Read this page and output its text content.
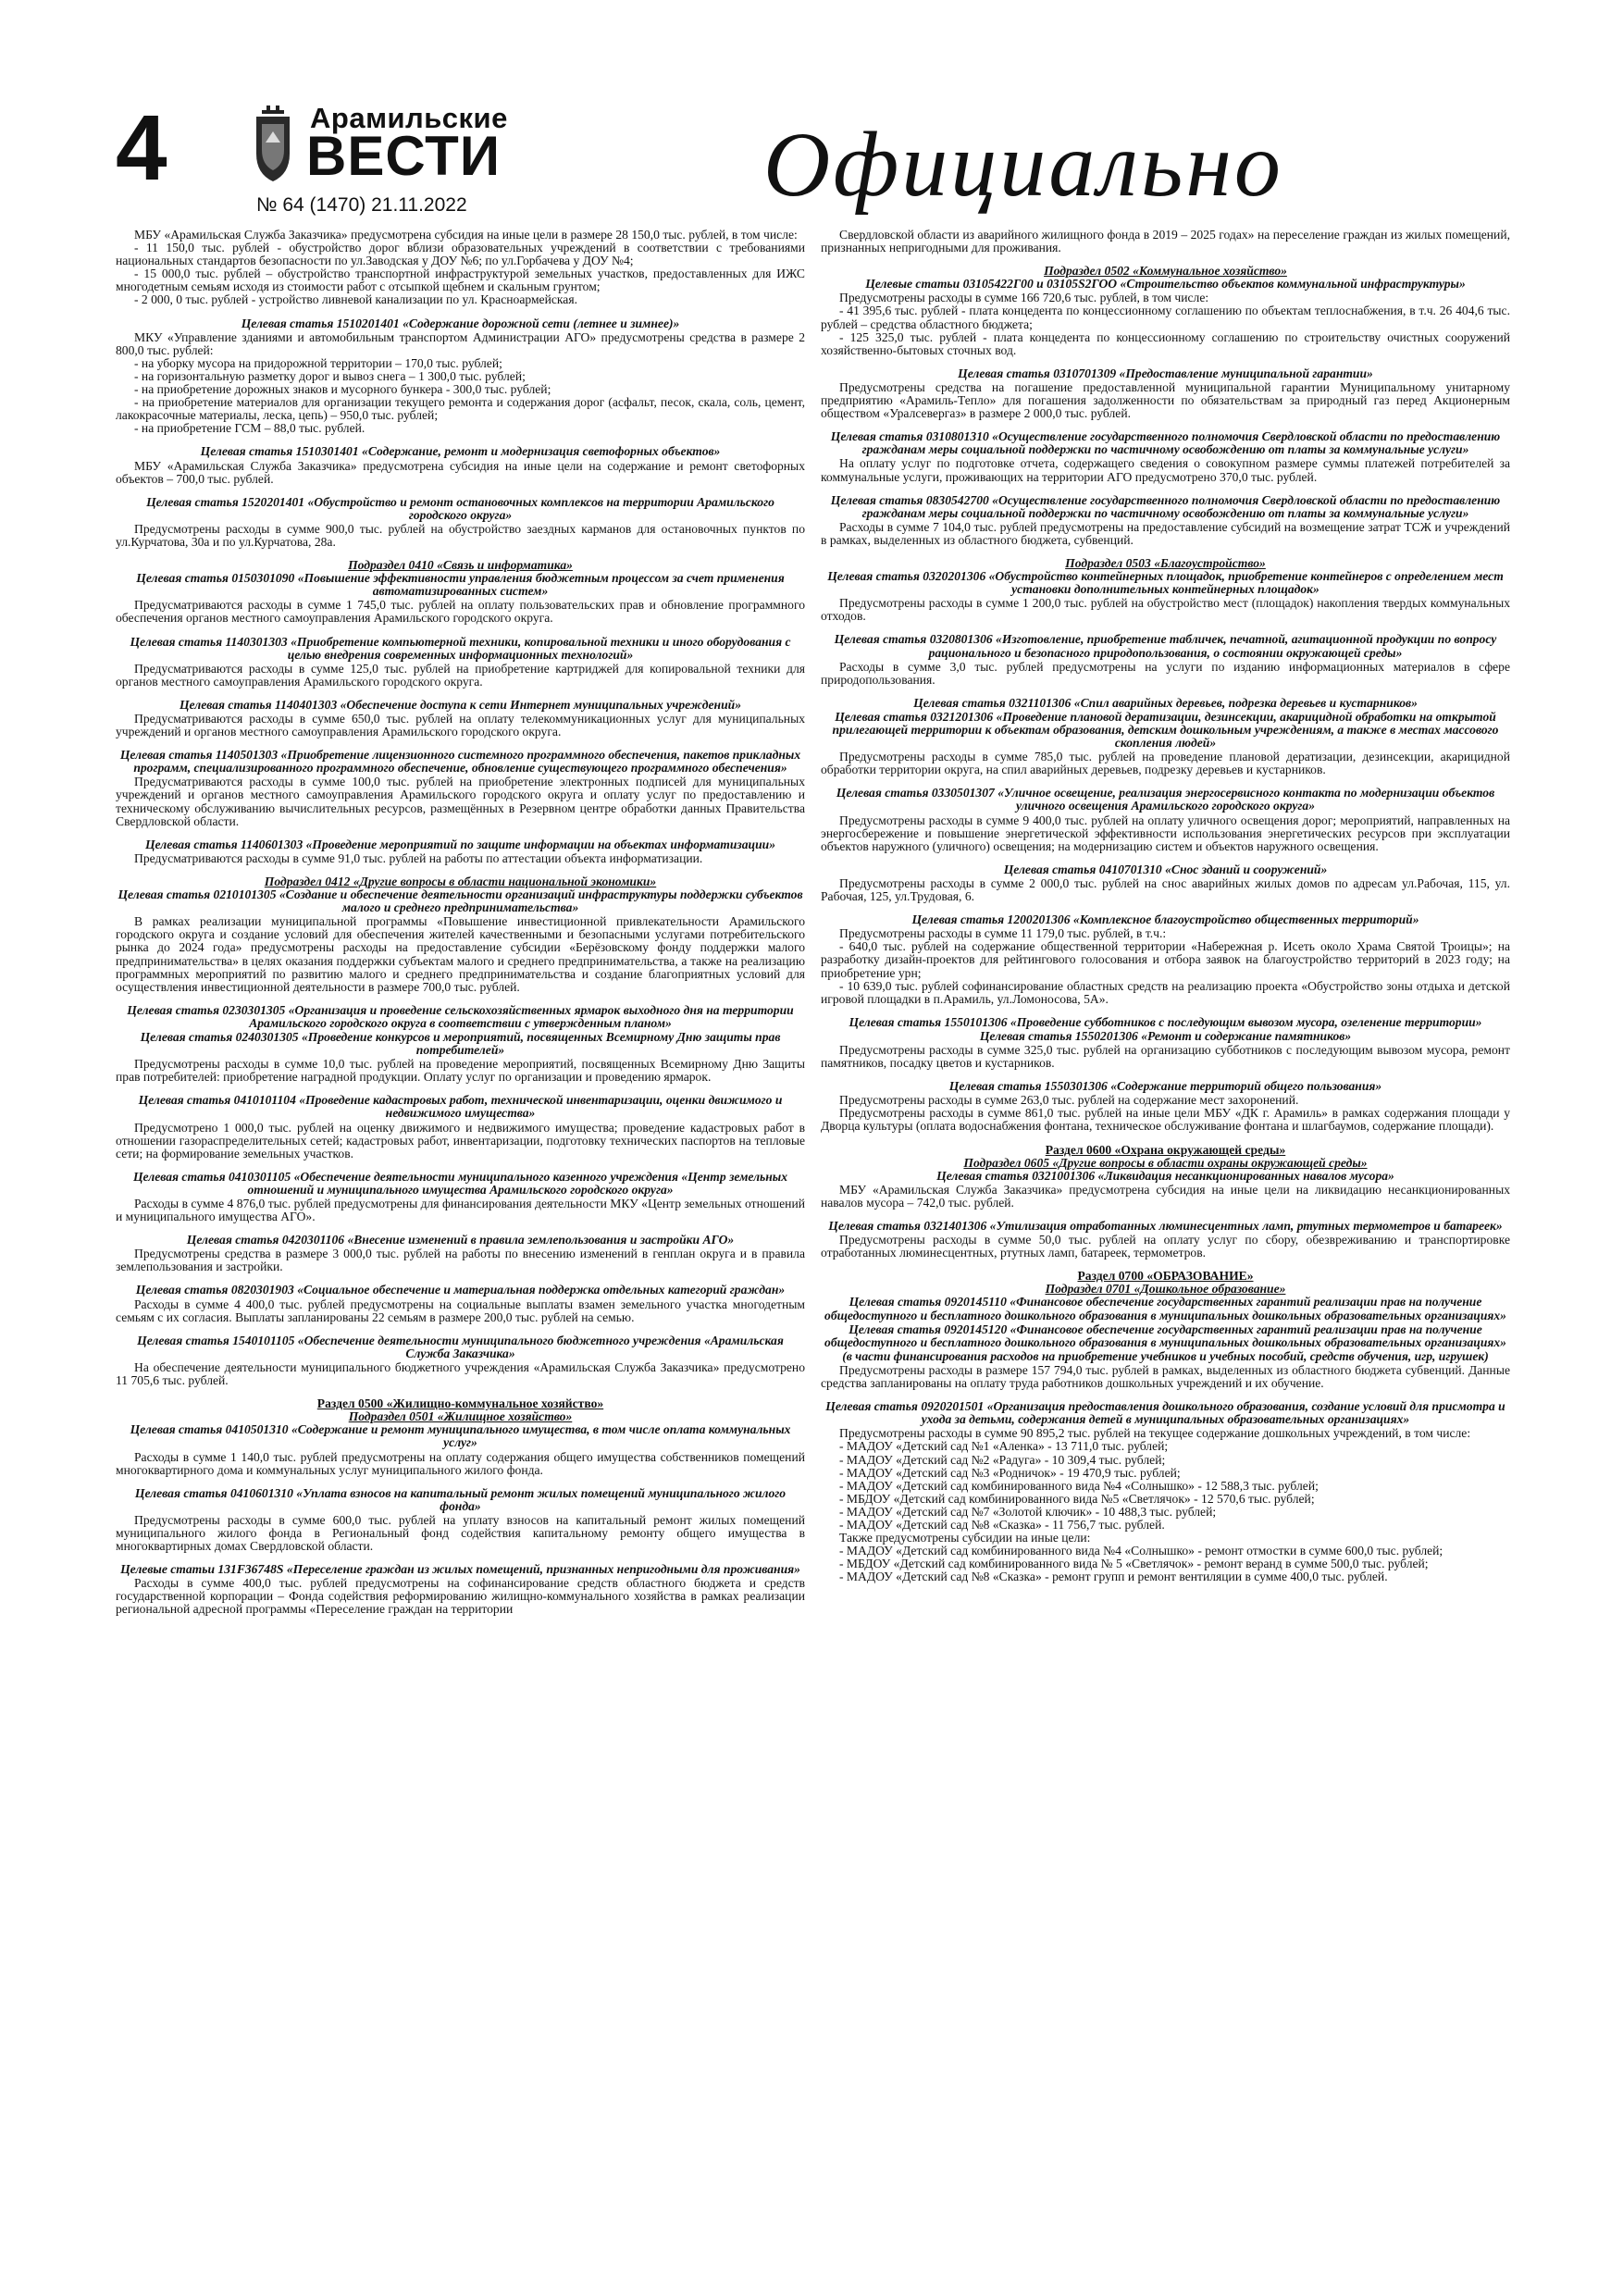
4	Арамильские
ВЕСТИ
№ 64 (1470) 21.11.2022	Официально
МБУ «Арамильская Служба Заказчика» предусмотрена субсидия на иные цели в размере 28 150,0 тыс. рублей, в том числе:
- 11 150,0 тыс. рублей - обустройство дорог вблизи образовательных учреждений в соответствии с требованиями национальных стандартов безопасности по ул.Заводская у ДОУ №6; по ул.Горбачева у ДОУ №4;
- 15 000,0 тыс. рублей – обустройство транспортной инфраструктурой земельных участков, предоставленных для ИЖС многодетным семьям исходя из стоимости работ с отсыпкой щебнем и скальным грунтом;
- 2 000, 0 тыс. рублей - устройство ливневой канализации по ул. Красноармейская.
Целевая статья 1510201401 «Содержание дорожной сети (летнее и зимнее)»
МКУ «Управление зданиями и автомобильным транспортом Администрации АГО» предусмотрены средства в размере 2 800,0 тыс. рублей:
- на уборку мусора на придорожной территории – 170,0 тыс. рублей;
- на горизонтальную разметку дорог и вывоз снега – 1 300,0 тыс. рублей;
- на приобретение дорожных знаков и мусорного бункера - 300,0 тыс. рублей;
- на приобретение материалов для организации текущего ремонта и содержания дорог (асфальт, песок, скала, соль, цемент, лакокрасочные материалы, леска, цепь) – 950,0 тыс. рублей;
- на приобретение ГСМ – 88,0 тыс. рублей.
Целевая статья 1510301401 «Содержание, ремонт и модернизация светофорных объектов»
МБУ «Арамильская Служба Заказчика» предусмотрена субсидия на иные цели на содержание и ремонт светофорных объектов – 700,0 тыс. рублей.
Целевая статья 1520201401 «Обустройство и ремонт остановочных комплексов на территории Арамильского городского округа»
Предусмотрены расходы в сумме 900,0 тыс. рублей на обустройство заездных карманов для остановочных пунктов по ул.Курчатова, 30а и по ул.Курчатова, 28а.
Подраздел 0410 «Связь и информатика»
Целевая статья 0150301090 «Повышение эффективности управления бюджетным процессом за счет применения автоматизированных систем»
Предусматриваются расходы в сумме 1 745,0 тыс. рублей на оплату пользовательских прав и обновление программного обеспечения органов местного самоуправления Арамильского городского округа.
Целевая статья 1140301303 «Приобретение компьютерной техники, копировальной техники и иного оборудования с целью внедрения современных информационных технологий»
Предусматриваются расходы в сумме 125,0 тыс. рублей на приобретение картриджей для копировальной техники для органов местного самоуправления Арамильского городского округа.
Целевая статья 1140401303 «Обеспечение доступа к сети Интернет муниципальных учреждений»
Предусматриваются расходы в сумме 650,0 тыс. рублей на оплату телекоммуникационных услуг для муниципальных учреждений и органов местного самоуправления Арамильского городского округа.
Целевая статья 1140501303 «Приобретение лицензионного системного программного обеспечения, пакетов прикладных программ, специализированного программного обеспечение, обновление существующего программного обеспечения»
Предусматриваются расходы в сумме 100,0 тыс. рублей на приобретение электронных подписей для муниципальных учреждений и органов местного самоуправления Арамильского городского округа и оплату услуг по предоставлению и техническому обслуживанию вычислительных ресурсов, размещённых в Резервном центре обработки данных Правительства Свердловской области.
Целевая статья 1140601303 «Проведение мероприятий по защите информации на объектах информатизации»
Предусматриваются расходы в сумме 91,0 тыс. рублей на работы по аттестации объекта информатизации.
Подраздел 0412 «Другие вопросы в области национальной экономики»
Целевая статья 0210101305 «Создание и обеспечение деятельности организаций инфраструктуры поддержки субъектов малого и среднего предпринимательства»
В рамках реализации муниципальной программы «Повышение инвестиционной привлекательности Арамильского городского округа и создание условий для обеспечения жителей качественными и безопасными услугами потребительского рынка до 2024 года» предусмотрены расходы на предоставление субсидии «Берёзовскому фонду поддержки малого предпринимательства» в целях оказания поддержки субъектам малого и среднего предпринимательства, а также на реализацию программных мероприятий по развитию малого и среднего предпринимательства и создание благоприятных условий для осуществления инвестиционной деятельности в размере 700,0 тыс. рублей.
Целевая статья 0230301305 «Организация и проведение сельскохозяйственных ярмарок выходного дня на территории Арамильского городского округа в соответствии с утвержденным планом»
Целевая статья 0240301305 «Проведение конкурсов и мероприятий, посвященных Всемирному Дню защиты прав потребителей»
Предусмотрены расходы в сумме 10,0 тыс. рублей на проведение мероприятий, посвященных Всемирному Дню Защиты прав потребителей: приобретение наградной продукции. Оплату услуг по организации и проведению ярмарок.
Целевая статья 0410101104 «Проведение кадастровых работ, технической инвентаризации, оценки движимого и недвижимого имущества»
Предусмотрено 1 000,0 тыс. рублей на оценку движимого и недвижимого имущества; проведение кадастровых работ в отношении газораспределительных сетей; кадастровых работ, инвентаризации, подготовку технических паспортов на тепловые сети; на формирование земельных участков.
Целевая статья 0410301105 «Обеспечение деятельности муниципального казенного учреждения «Центр земельных отношений и муниципального имущества Арамильского городского округа»
Расходы в сумме 4 876,0 тыс. рублей предусмотрены для финансирования деятельности МКУ «Центр земельных отношений и муниципального имущества АГО».
Целевая статья 0420301106 «Внесение изменений в правила землепользования и застройки АГО»
Предусмотрены средства в размере 3 000,0 тыс. рублей на работы по внесению изменений в генплан округа и в правила землепользования и застройки.
Целевая статья 0820301903 «Социальное обеспечение и материальная поддержка отдельных категорий граждан»
Расходы в сумме 4 400,0 тыс. рублей предусмотрены на социальные выплаты взамен земельного участка многодетным семьям с их согласия. Выплаты запланированы 22 семьям в размере 200,0 тыс. рублей на семью.
Целевая статья 1540101105 «Обеспечение деятельности муниципального бюджетного учреждения «Арамильская Служба Заказчика»
На обеспечение деятельности муниципального бюджетного учреждения «Арамильская Служба Заказчика» предусмотрено 11 705,6 тыс. рублей.
Раздел 0500 «Жилищно-коммунальное хозяйство»
Подраздел 0501 «Жилищное хозяйство»
Целевая статья 0410501310 «Содержание и ремонт муниципального имущества, в том числе оплата коммунальных услуг»
Расходы в сумме 1 140,0 тыс. рублей предусмотрены на оплату содержания общего имущества собственников помещений многоквартирного дома и коммунальных услуг муниципального жилого фонда.
Целевая статья 0410601310 «Уплата взносов на капитальный ремонт жилых помещений муниципального жилого фонда»
Предусмотрены расходы в сумме 600,0 тыс. рублей на уплату взносов на капитальный ремонт жилых помещений муниципального жилого фонда в Региональный фонд содействия капитальному ремонту общего имущества в многоквартирных домах Свердловской области.
Целевые статьи 131F36748S «Переселение граждан из жилых помещений, признанных непригодными для проживания»
Расходы в сумме 400,0 тыс. рублей предусмотрены на софинансирование средств областного бюджета и средств государственной корпорации – Фонда содействия реформированию жилищно-коммунального хозяйства в рамках реализации региональной адресной программы «Переселение граждан на территории
Свердловской области из аварийного жилищного фонда в 2019 – 2025 годах» на переселение граждан из жилых помещений, признанных непригодными для проживания.
Подраздел 0502 «Коммунальное хозяйство»
Целевые статьи 03105422Г00 и 03105S2ГОО «Строительство объектов коммунальной инфраструктуры»
Предусмотрены расходы в сумме 166 720,6 тыс. рублей, в том числе:
- 41 395,6 тыс. рублей - плата концедента по концессионному соглашению по объектам теплоснабжения, в т.ч. 26 404,6 тыс. рублей – средства областного бюджета;
- 125 325,0 тыс. рублей - плата концедента по концессионному соглашению по строительству очистных сооружений хозяйственно-бытовых сточных вод.
Целевая статья 0310701309 «Предоставление муниципальной гарантии»
Предусмотрены средства на погашение предоставленной муниципальной гарантии Муниципальному унитарному предприятию «Арамиль-Тепло» для погашения задолженности по обязательствам за природный газ перед Акционерным обществом «Уралсевергаз» в размере 2 000,0 тыс. рублей.
Целевая статья 0310801310 «Осуществление государственного полномочия Свердловской области по предоставлению гражданам меры социальной поддержки по частичному освобождению от платы за коммунальные услуги»
На оплату услуг по подготовке отчета, содержащего сведения о совокупном размере суммы платежей потребителей за коммунальные услуги, проживающих на территории АГО предусмотрено 370,0 тыс. рублей.
Целевая статья 0830542700 «Осуществление государственного полномочия Свердловской области по предоставлению гражданам меры социальной поддержки по частичному освобождению от платы за коммунальные услуги»
Расходы в сумме 7 104,0 тыс. рублей предусмотрены на предоставление субсидий на возмещение затрат ТСЖ и учреждений в рамках, выделенных из областного бюджета, субвенций.
Подраздел 0503 «Благоустройство»
Целевая статья 0320201306 «Обустройство контейнерных площадок, приобретение контейнеров с определением мест установки дополнительных контейнерных площадок»
Предусмотрены расходы в сумме 1 200,0 тыс. рублей на обустройство мест (площадок) накопления твердых коммунальных отходов.
Целевая статья 0320801306 «Изготовление, приобретение табличек, печатной, агитационной продукции по вопросу рационального и безопасного природопользования, о состоянии окружающей среды»
Расходы в сумме 3,0 тыс. рублей предусмотрены на услуги по изданию информационных материалов в сфере природопользования.
Целевая статья 0321101306 «Спил аварийных деревьев, подрезка деревьев и кустарников»
Целевая статья 0321201306 «Проведение плановой дератизации, дезинсекции, акарицидной обработки на открытой прилегающей территории к объектам образования, детским дошкольным учреждениям, а также в местах массового скопления людей»
Предусмотрены расходы в сумме 785,0 тыс. рублей на проведение плановой дератизации, дезинсекции, акарицидной обработки территории округа, на спил аварийных деревьев, подрезку деревьев и кустарников.
Целевая статья 0330501307 «Уличное освещение, реализация энергосервисного контакта по модернизации объектов уличного освещения Арамильского городского округа»
Предусмотрены расходы в сумме 9 400,0 тыс. рублей на оплату уличного освещения дорог; мероприятий, направленных на энергосбережение и повышение энергетической эффективности использования энергетических ресурсов при эксплуатации объектов наружного (уличного) освещения; на модернизацию систем и объектов наружного освещения.
Целевая статья 0410701310 «Снос зданий и сооружений»
Предусмотрены расходы в сумме 2 000,0 тыс. рублей на снос аварийных жилых домов по адресам ул.Рабочая, 115, ул. Рабочая, 125, ул.Трудовая, 6.
Целевая статья 1200201306 «Комплексное благоустройство общественных территорий»
Предусмотрены расходы в сумме 11 179,0 тыс. рублей, в т.ч.:
- 640,0 тыс. рублей на содержание общественной территории «Набережная р. Исеть около Храма Святой Троицы»; на разработку дизайн-проектов для рейтингового голосования и отбора заявок на благоустройство территорий в 2023 году; на приобретение урн;
- 10 639,0 тыс. рублей софинансирование областных средств на реализацию проекта «Обустройство зоны отдыха и детской игровой площадки в п.Арамиль, ул.Ломоносова, 5А».
Целевая статья 1550101306 «Проведение субботников с последующим вывозом мусора, озеленение территории»
Целевая статья 1550201306 «Ремонт и содержание памятников»
Предусмотрены расходы в сумме 325,0 тыс. рублей на организацию субботников с последующим вывозом мусора, ремонт памятников, посадку цветов и кустарников.
Целевая статья 1550301306 «Содержание территорий общего пользования»
Предусмотрены расходы в сумме 263,0 тыс. рублей на содержание мест захоронений.
Предусмотрены расходы в сумме 861,0 тыс. рублей на иные цели МБУ «ДК г. Арамиль» в рамках содержания площади у Дворца культуры (оплата водоснабжения фонтана, техническое обслуживание фонтана и шлагбаумов, содержание площади).
Раздел 0600 «Охрана окружающей среды»
Подраздел 0605 «Другие вопросы в области охраны окружающей среды»
Целевая статья 0321001306 «Ликвидация несанкционированных навалов мусора»
МБУ «Арамильская Служба Заказчика» предусмотрена субсидия на иные цели на ликвидацию несанкционированных навалов мусора – 742,0 тыс. рублей.
Целевая статья 0321401306 «Утилизация отработанных люминесцентных ламп, ртутных термометров и батареек»
Предусмотрены расходы в сумме 50,0 тыс. рублей на оплату услуг по сбору, обезвреживанию и транспортировке отработанных люминесцентных, ртутных ламп, батареек, термометров.
Раздел 0700 «ОБРАЗОВАНИЕ»
Подраздел 0701 «Дошкольное образование»
Целевая статья 0920145110 «Финансовое обеспечение государственных гарантий реализации прав на получение общедоступного и бесплатного дошкольного образования в муниципальных дошкольных образовательных организациях»
Целевая статья 0920145120 «Финансовое обеспечение государственных гарантий реализации прав на получение общедоступного и бесплатного дошкольного образования в муниципальных дошкольных образовательных организациях»
(в части финансирования расходов на приобретение учебников и учебных пособий, средств обучения, игр, игрушек)
Предусмотрены расходы в размере 157 794,0 тыс. рублей в рамках, выделенных из областного бюджета субвенций. Данные средства запланированы на оплату труда работников дошкольных учреждений и их обучение.
Целевая статья 0920201501 «Организация предоставления дошкольного образования, создание условий для присмотра и ухода за детьми, содержания детей в муниципальных образовательных организациях»
Предусмотрены расходы в сумме 90 895,2 тыс. рублей на текущее содержание дошкольных учреждений, в том числе:
- МАДОУ «Детский сад №1 «Аленка» - 13 711,0 тыс. рублей;
- МАДОУ «Детский сад №2 «Радуга» - 10 309,4 тыс. рублей;
- МАДОУ «Детский сад №3 «Родничок» - 19 470,9 тыс. рублей;
- МАДОУ «Детский сад комбинированного вида №4 «Солнышко» - 12 588,3 тыс. рублей;
- МБДОУ «Детский сад комбинированного вида №5 «Светлячок» - 12 570,6 тыс. рублей;
- МАДОУ «Детский сад №7 «Золотой ключик» - 10 488,3 тыс. рублей;
- МАДОУ «Детский сад №8 «Сказка» - 11 756,7 тыс. рублей.
Также предусмотрены субсидии на иные цели:
- МАДОУ «Детский сад комбинированного вида №4 «Солнышко» - ремонт отмостки в сумме 600,0 тыс. рублей;
- МБДОУ «Детский сад комбинированного вида № 5 «Светлячок» - ремонт веранд в сумме 500,0 тыс. рублей;
- МАДОУ «Детский сад №8 «Сказка» - ремонт групп и ремонт вентиляции в сумме 400,0 тыс. рублей.
